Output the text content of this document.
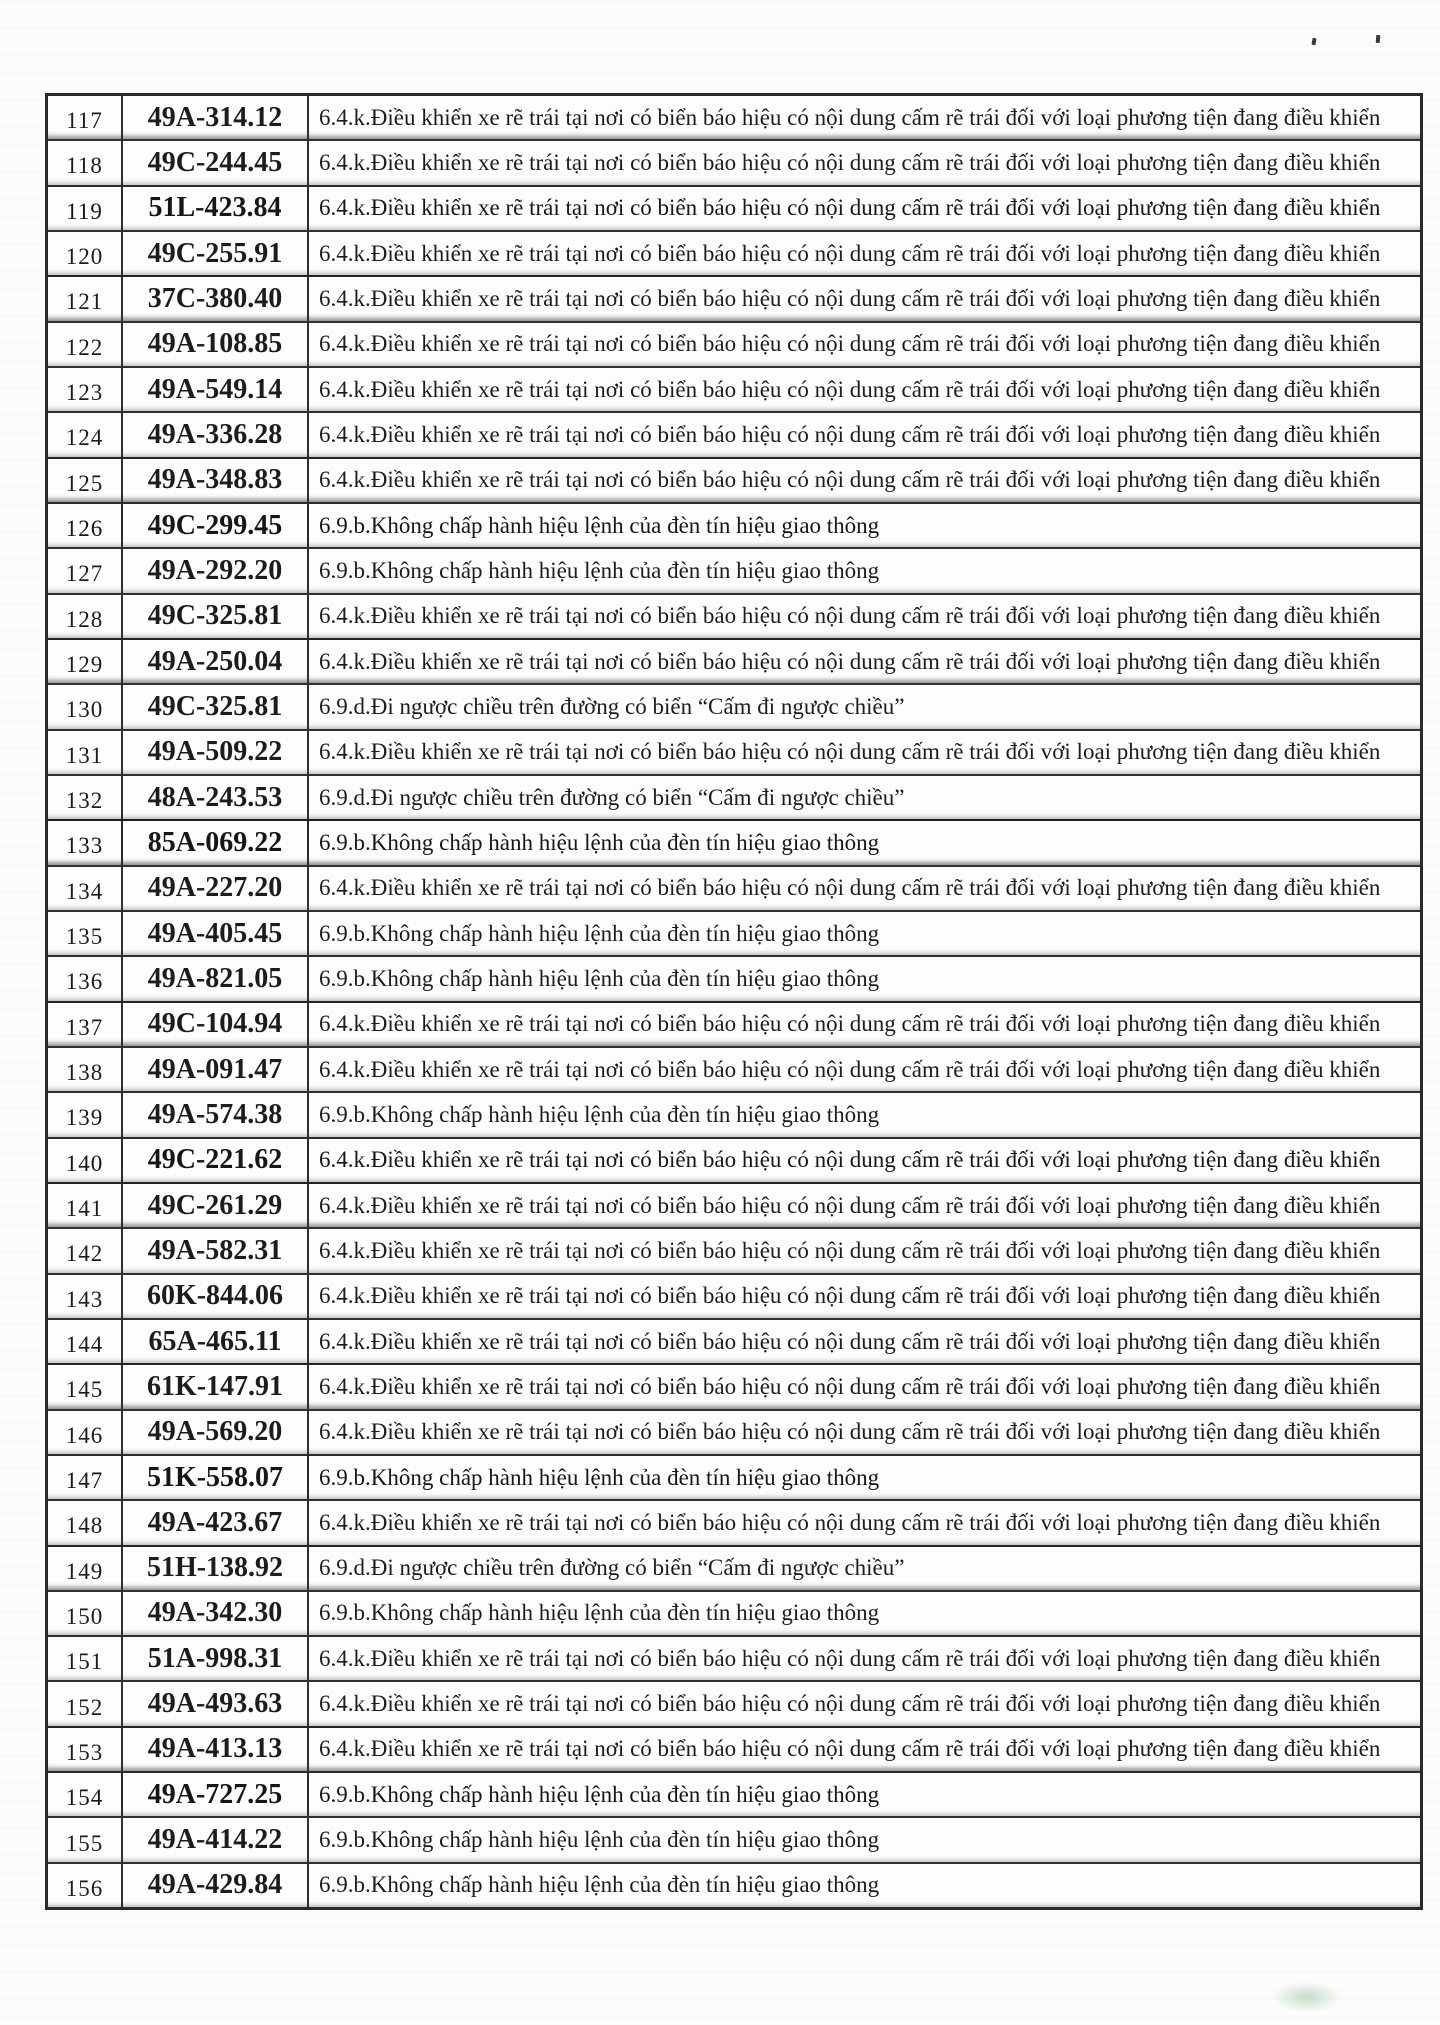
117	49A-314.12	6.4.k.Điều khiển xe rẽ trái tại nơi có biển báo hiệu có nội dung cấm rẽ trái đối với loại phương tiện đang điều khiển
118	49C-244.45	6.4.k.Điều khiển xe rẽ trái tại nơi có biển báo hiệu có nội dung cấm rẽ trái đối với loại phương tiện đang điều khiển
119	51L-423.84	6.4.k.Điều khiển xe rẽ trái tại nơi có biển báo hiệu có nội dung cấm rẽ trái đối với loại phương tiện đang điều khiển
120	49C-255.91	6.4.k.Điều khiển xe rẽ trái tại nơi có biển báo hiệu có nội dung cấm rẽ trái đối với loại phương tiện đang điều khiển
121	37C-380.40	6.4.k.Điều khiển xe rẽ trái tại nơi có biển báo hiệu có nội dung cấm rẽ trái đối với loại phương tiện đang điều khiển
122	49A-108.85	6.4.k.Điều khiển xe rẽ trái tại nơi có biển báo hiệu có nội dung cấm rẽ trái đối với loại phương tiện đang điều khiển
123	49A-549.14	6.4.k.Điều khiển xe rẽ trái tại nơi có biển báo hiệu có nội dung cấm rẽ trái đối với loại phương tiện đang điều khiển
124	49A-336.28	6.4.k.Điều khiển xe rẽ trái tại nơi có biển báo hiệu có nội dung cấm rẽ trái đối với loại phương tiện đang điều khiển
125	49A-348.83	6.4.k.Điều khiển xe rẽ trái tại nơi có biển báo hiệu có nội dung cấm rẽ trái đối với loại phương tiện đang điều khiển
126	49C-299.45	6.9.b.Không chấp hành hiệu lệnh của đèn tín hiệu giao thông
127	49A-292.20	6.9.b.Không chấp hành hiệu lệnh của đèn tín hiệu giao thông
128	49C-325.81	6.4.k.Điều khiển xe rẽ trái tại nơi có biển báo hiệu có nội dung cấm rẽ trái đối với loại phương tiện đang điều khiển
129	49A-250.04	6.4.k.Điều khiển xe rẽ trái tại nơi có biển báo hiệu có nội dung cấm rẽ trái đối với loại phương tiện đang điều khiển
130	49C-325.81	6.9.d.Đi ngược chiều trên đường có biển “Cấm đi ngược chiều”
131	49A-509.22	6.4.k.Điều khiển xe rẽ trái tại nơi có biển báo hiệu có nội dung cấm rẽ trái đối với loại phương tiện đang điều khiển
132	48A-243.53	6.9.d.Đi ngược chiều trên đường có biển “Cấm đi ngược chiều”
133	85A-069.22	6.9.b.Không chấp hành hiệu lệnh của đèn tín hiệu giao thông
134	49A-227.20	6.4.k.Điều khiển xe rẽ trái tại nơi có biển báo hiệu có nội dung cấm rẽ trái đối với loại phương tiện đang điều khiển
135	49A-405.45	6.9.b.Không chấp hành hiệu lệnh của đèn tín hiệu giao thông
136	49A-821.05	6.9.b.Không chấp hành hiệu lệnh của đèn tín hiệu giao thông
137	49C-104.94	6.4.k.Điều khiển xe rẽ trái tại nơi có biển báo hiệu có nội dung cấm rẽ trái đối với loại phương tiện đang điều khiển
138	49A-091.47	6.4.k.Điều khiển xe rẽ trái tại nơi có biển báo hiệu có nội dung cấm rẽ trái đối với loại phương tiện đang điều khiển
139	49A-574.38	6.9.b.Không chấp hành hiệu lệnh của đèn tín hiệu giao thông
140	49C-221.62	6.4.k.Điều khiển xe rẽ trái tại nơi có biển báo hiệu có nội dung cấm rẽ trái đối với loại phương tiện đang điều khiển
141	49C-261.29	6.4.k.Điều khiển xe rẽ trái tại nơi có biển báo hiệu có nội dung cấm rẽ trái đối với loại phương tiện đang điều khiển
142	49A-582.31	6.4.k.Điều khiển xe rẽ trái tại nơi có biển báo hiệu có nội dung cấm rẽ trái đối với loại phương tiện đang điều khiển
143	60K-844.06	6.4.k.Điều khiển xe rẽ trái tại nơi có biển báo hiệu có nội dung cấm rẽ trái đối với loại phương tiện đang điều khiển
144	65A-465.11	6.4.k.Điều khiển xe rẽ trái tại nơi có biển báo hiệu có nội dung cấm rẽ trái đối với loại phương tiện đang điều khiển
145	61K-147.91	6.4.k.Điều khiển xe rẽ trái tại nơi có biển báo hiệu có nội dung cấm rẽ trái đối với loại phương tiện đang điều khiển
146	49A-569.20	6.4.k.Điều khiển xe rẽ trái tại nơi có biển báo hiệu có nội dung cấm rẽ trái đối với loại phương tiện đang điều khiển
147	51K-558.07	6.9.b.Không chấp hành hiệu lệnh của đèn tín hiệu giao thông
148	49A-423.67	6.4.k.Điều khiển xe rẽ trái tại nơi có biển báo hiệu có nội dung cấm rẽ trái đối với loại phương tiện đang điều khiển
149	51H-138.92	6.9.d.Đi ngược chiều trên đường có biển “Cấm đi ngược chiều”
150	49A-342.30	6.9.b.Không chấp hành hiệu lệnh của đèn tín hiệu giao thông
151	51A-998.31	6.4.k.Điều khiển xe rẽ trái tại nơi có biển báo hiệu có nội dung cấm rẽ trái đối với loại phương tiện đang điều khiển
152	49A-493.63	6.4.k.Điều khiển xe rẽ trái tại nơi có biển báo hiệu có nội dung cấm rẽ trái đối với loại phương tiện đang điều khiển
153	49A-413.13	6.4.k.Điều khiển xe rẽ trái tại nơi có biển báo hiệu có nội dung cấm rẽ trái đối với loại phương tiện đang điều khiển
154	49A-727.25	6.9.b.Không chấp hành hiệu lệnh của đèn tín hiệu giao thông
155	49A-414.22	6.9.b.Không chấp hành hiệu lệnh của đèn tín hiệu giao thông
156	49A-429.84	6.9.b.Không chấp hành hiệu lệnh của đèn tín hiệu giao thông
